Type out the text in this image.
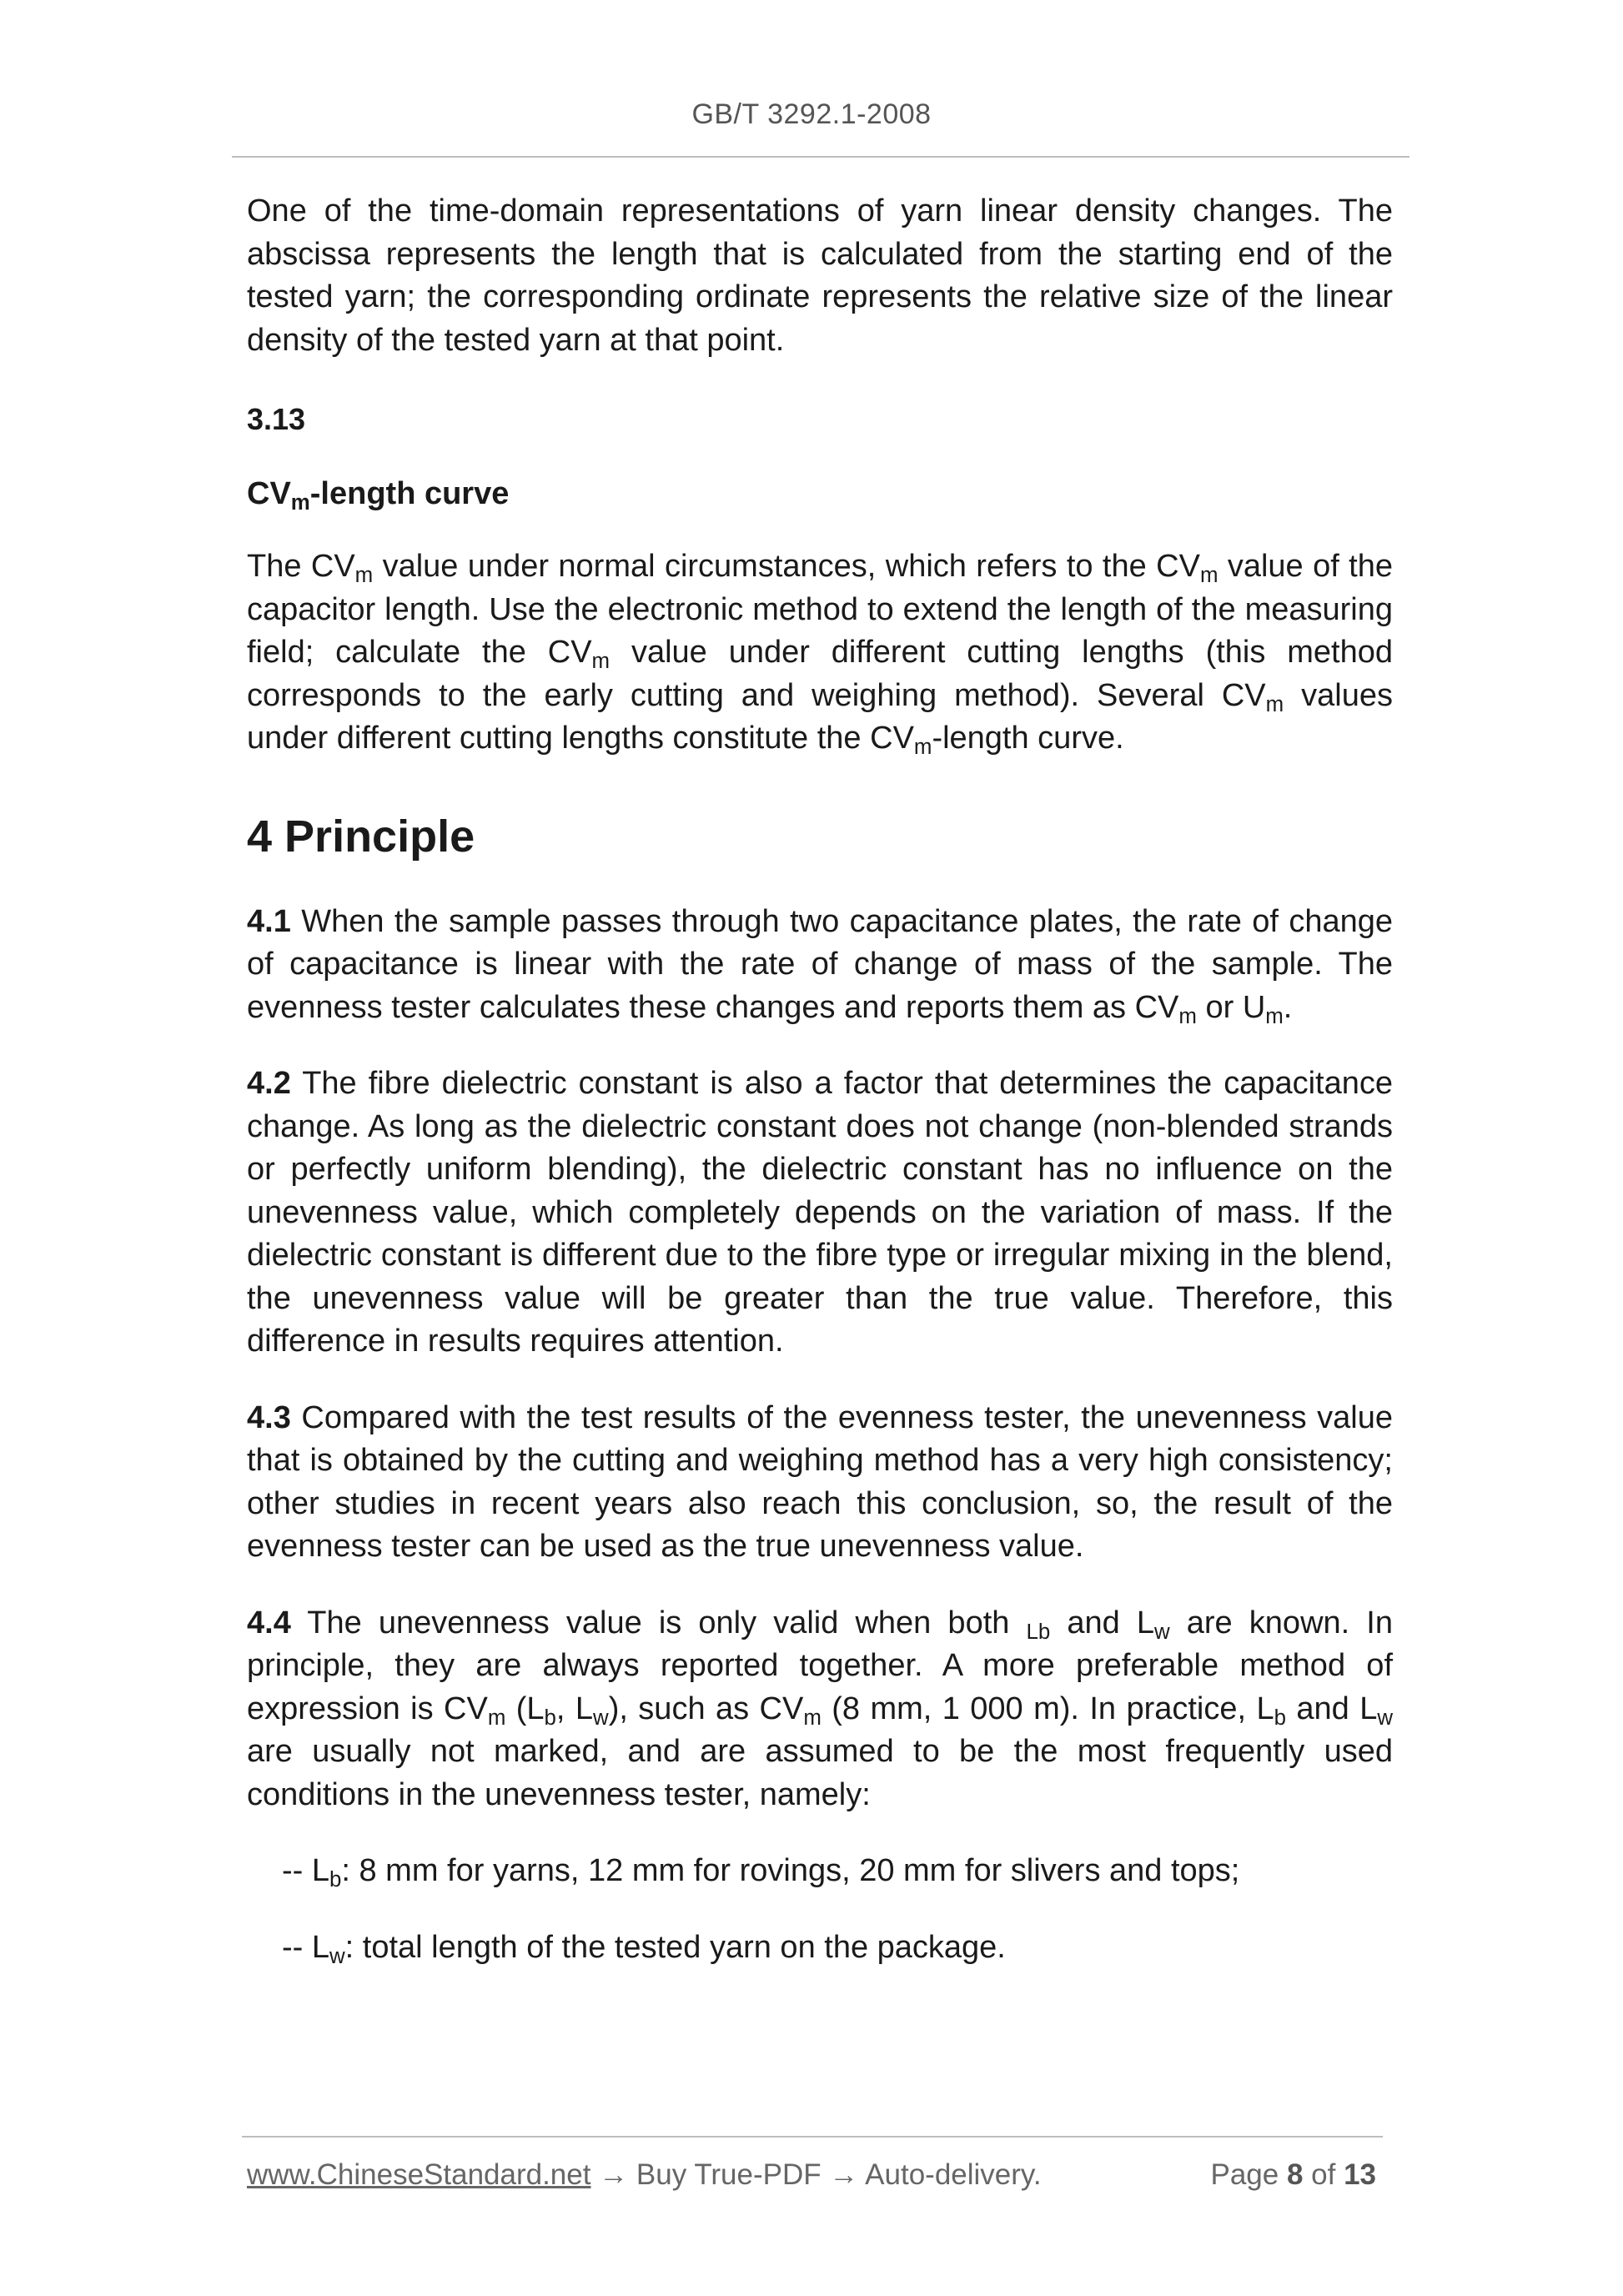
GB/T 3292.1-2008

One of the time-domain representations of yarn linear density changes. The abscissa represents the length that is calculated from the starting end of the tested yarn; the corresponding ordinate represents the relative size of the linear density of the tested yarn at that point.

3.13
$CV_m$-length curve

The $CV_m$ value under normal circumstances, which refers to the $CV_m$ value of the capacitor length. Use the electronic method to extend the length of the measuring field; calculate the $CV_m$ value under different cutting lengths (this method corresponds to the early cutting and weighing method). Several $CV_m$ values under different cutting lengths constitute the $CV_m$-length curve.

4 Principle

4.1 When the sample passes through two capacitance plates, the rate of change of capacitance is linear with the rate of change of mass of the sample. The evenness tester calculates these changes and reports them as $CV_m$ or $U_m$.

4.2 The fibre dielectric constant is also a factor that determines the capacitance change. As long as the dielectric constant does not change (non-blended strands or perfectly uniform blending), the dielectric constant has no influence on the unevenness value, which completely depends on the variation of mass. If the dielectric constant is different due to the fibre type or irregular mixing in the blend, the unevenness value will be greater than the true value. Therefore, this difference in results requires attention.

4.3 Compared with the test results of the evenness tester, the unevenness value that is obtained by the cutting and weighing method has a very high consistency; other studies in recent years also reach this conclusion, so, the result of the evenness tester can be used as the true unevenness value.

4.4 The unevenness value is only valid when both $_{Lb}$ and $L_w$ are known. In principle, they are always reported together. A more preferable method of expression is $CV_m$ ($L_b$, $L_w$), such as $CV_m$ (8 mm, 1 000 m). In practice, $L_b$ and $L_w$ are usually not marked, and are assumed to be the most frequently used conditions in the unevenness tester, namely:

-- $L_b$: 8 mm for yarns, 12 mm for rovings, 20 mm for slivers and tops;
-- $L_w$: total length of the tested yarn on the package.
www.ChineseStandard.net → Buy True-PDF → Auto-delivery.	Page 8 of 13
